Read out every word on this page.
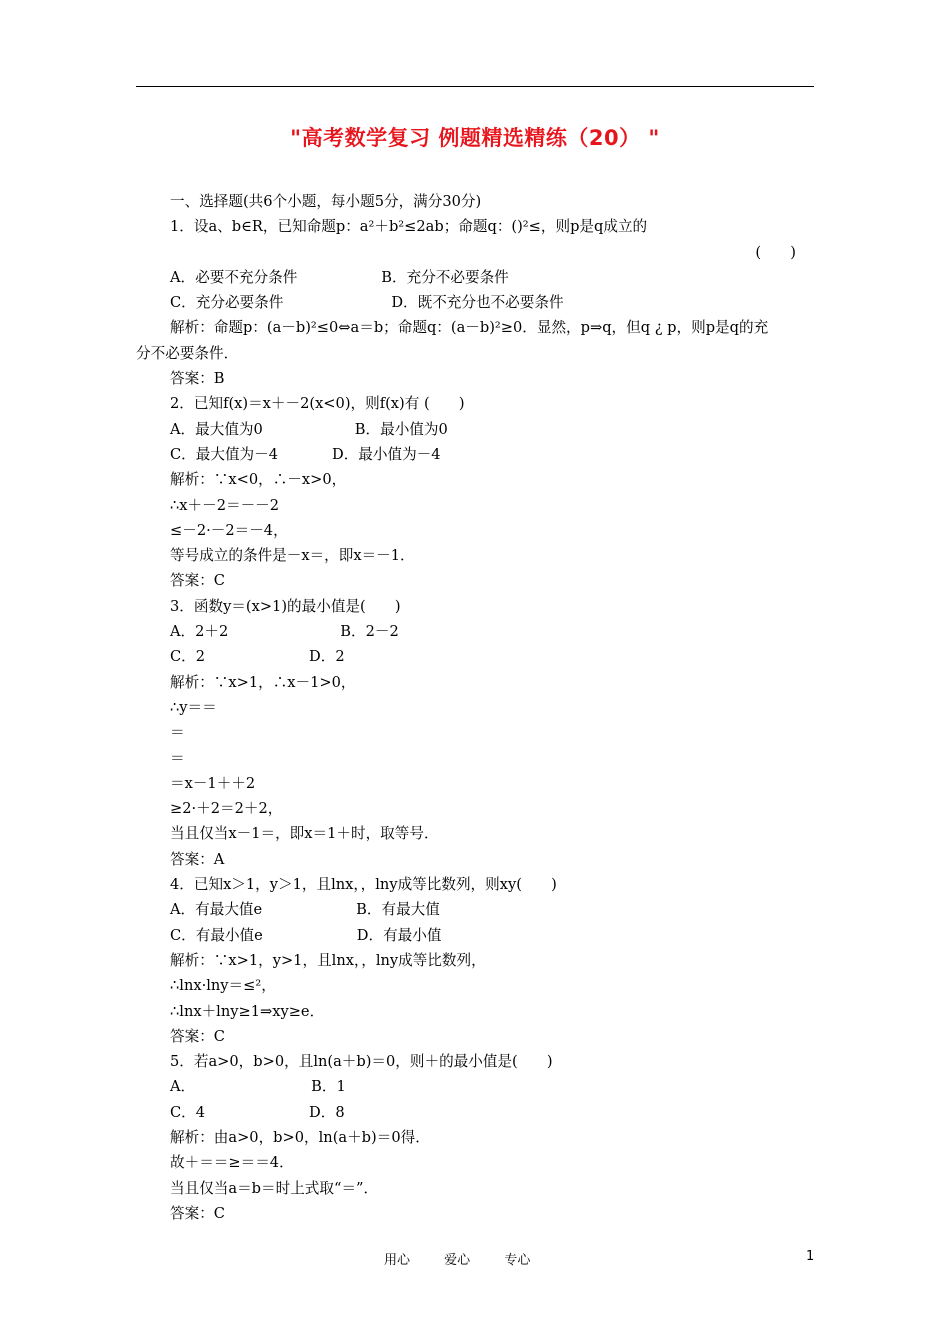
"高考数学复习 例题精选精练（20） "
一、选择题(共6个小题，每小题5分，满分30分)
1．设a、b∈R，已知命题p：a²＋b²≤2ab；命题q：()²≤，则p是q成立的
(　　)
A．必要不充分条件	B．充分不必要条件
C．充分必要条件	D．既不充分也不必要条件
解析：命题p：(a－b)²≤0⇔a＝b；命题q：(a－b)²≥0．显然，p⇒q，但q ¿ p，则p是q的充
分不必要条件．
答案：B
2．已知f(x)＝x＋－2(x<0)，则f(x)有 (　　)
A．最大值为0	B．最小值为0
C．最大值为－4	D．最小值为－4
解析：∵x<0，∴－x>0，
∴x＋－2＝－－2
≤－2·－2＝－4，
等号成立的条件是－x＝，即x＝－1．
答案：C
3．函数y＝(x>1)的最小值是(　　)
A．2＋2	B．2－2
C．2	D．2
解析：∵x>1，∴x－1>0，
∴y＝＝
＝
＝
＝x－1＋＋2
≥2·＋2＝2＋2，
当且仅当x－1＝，即x＝1＋时，取等号．
答案：A
4．已知x＞1，y＞1，且lnx，，lny成等比数列，则xy(　　)
A．有最大值e	B．有最大值
C．有最小值e	D．有最小值
解析：∵x>1，y>1，且lnx，，lny成等比数列，
∴lnx·lny＝≤²，
∴lnx＋lny≥1⇒xy≥e．
答案：C
5．若a>0，b>0，且ln(a＋b)＝0，则＋的最小值是(　　)
A．	B．1
C．4	D．8
解析：由a>0，b>0，ln(a＋b)＝0得．
故＋＝＝≥＝＝4．
当且仅当a＝b＝时上式取“＝”．
答案：C
用心	爱心	专心	1
